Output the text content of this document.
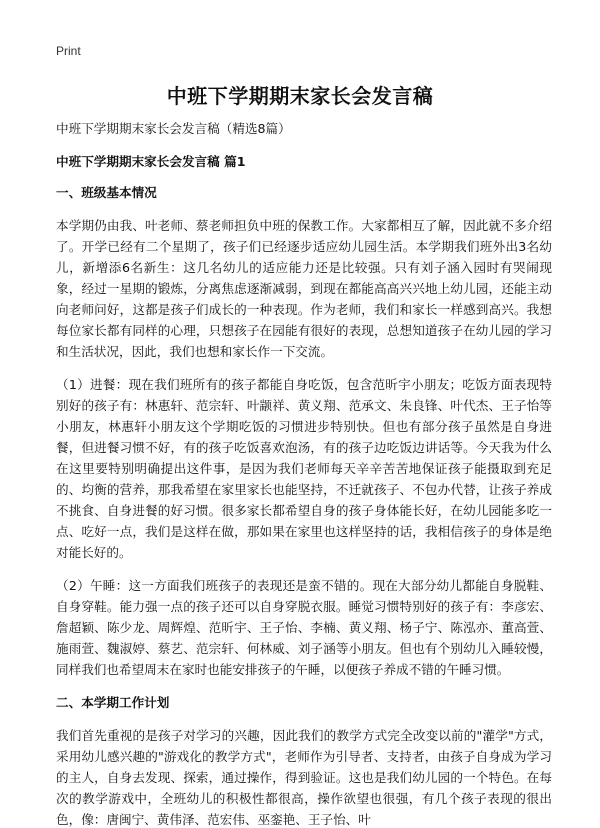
Print
中班下学期期末家长会发言稿

中班下学期期末家长会发言稿（精选8篇）

中班下学期期末家长会发言稿 篇1

一、班级基本情况

本学期仍由我、叶老师、蔡老师担负中班的保教工作。大家都相互了解，因此就不多介绍了。开学已经有二个星期了，孩子们已经逐步适应幼儿园生活。本学期我们班外出3名幼儿，新增添6名新生：这几名幼儿的适应能力还是比较强。只有刘子涵入园时有哭闹现象，经过一星期的锻炼，分离焦虑逐渐减弱，到现在都能高高兴兴地上幼儿园，还能主动向老师问好，这都是孩子们成长的一种表现。作为老师，我们和家长一样感到高兴。我想每位家长都有同样的心理，只想孩子在园能有很好的表现，总想知道孩子在幼儿园的学习和生活状况，因此，我们也想和家长作一下交流。

（1）进餐：现在我们班所有的孩子都能自身吃饭，包含范昕宇小朋友；吃饭方面表现特别好的孩子有：林惠轩、范宗轩、叶颛祥、黄义翔、范承文、朱良锋、叶代杰、王子怡等小朋友，林惠轩小朋友这个学期吃饭的习惯进步特别快。但也有部分孩子虽然是自身进餐，但进餐习惯不好，有的孩子吃饭喜欢泡汤，有的孩子边吃饭边讲话等。今天我为什么在这里要特别明确提出这件事，是因为我们老师每天辛辛苦苦地保证孩子能摄取到充足的、均衡的营养，那我希望在家里家长也能坚持，不迁就孩子、不包办代替，让孩子养成不挑食、自身进餐的好习惯。很多家长都希望自身的孩子身体能长好，在幼儿园能多吃一点、吃好一点，我们是这样在做，那如果在家里也这样坚持的话，我相信孩子的身体是绝对能长好的。

（2）午睡：这一方面我们班孩子的表现还是蛮不错的。现在大部分幼儿都能自身脱鞋、自身穿鞋。能力强一点的孩子还可以自身穿脱衣服。睡觉习惯特别好的孩子有：李彦宏、詹超颖、陈少龙、周辉煌、范昕宇、王子怡、李楠、黄义翔、杨子宁、陈泓亦、董高萱、施雨萱、魏淑婷、蔡艺、范宗轩、何林威、刘子涵等小朋友。但也有个别幼儿入睡较慢，同样我们也希望周末在家时也能安排孩子的午睡，以便孩子养成不错的午睡习惯。

二、本学期工作计划

我们首先重视的是孩子对学习的兴趣，因此我们的教学方式完全改变以前的"灌学"方式，采用幼儿感兴趣的"游戏化的教学方式"，老师作为引导者、支持者，由孩子自身成为学习的主人，自身去发现、探索，通过操作，得到验证。这也是我们幼儿园的一个特色。在每次的教学游戏中，全班幼儿的积极性都很高，操作欲望也很强，有几个孩子表现的很出色，像：唐闽宁、黄伟泽、范宏伟、巫銮艳、王子怡、叶
